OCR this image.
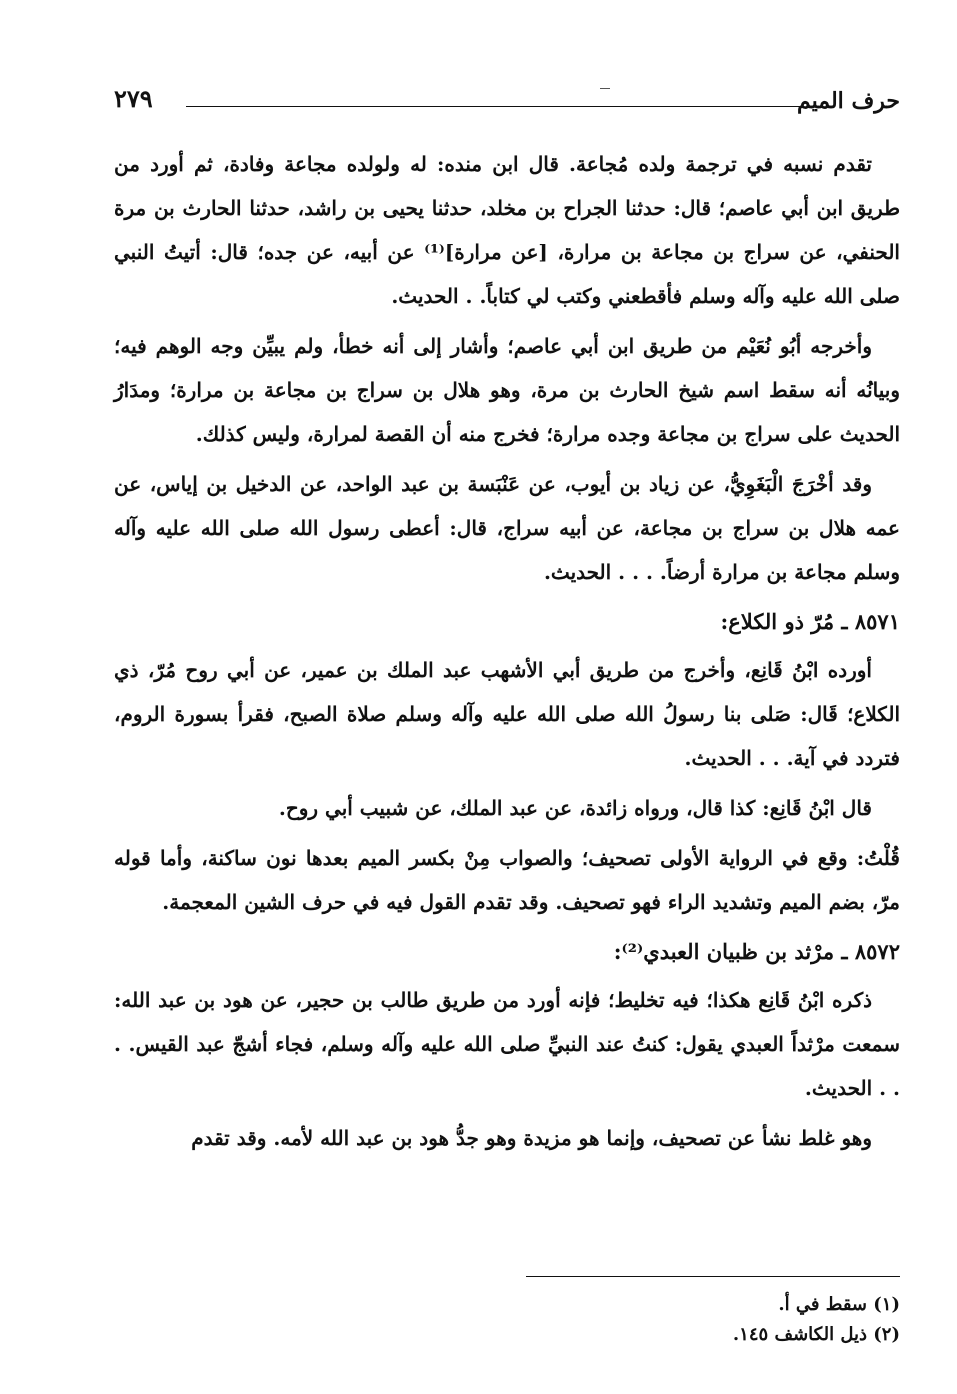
حرف الميم
٢٧٩

تقدم نسبه في ترجمة ولده مُجاعة. قال ابن منده: له ولولده مجاعة وفادة، ثم أورد من طريق ابن أبي عاصم؛ قال: حدثنا الجراح بن مخلد، حدثنا يحيى بن راشد، حدثنا الحارث بن مرة الحنفي، عن سراج بن مجاعة بن مرارة، [عن مرارة]⁽¹⁾ عن أبيه، عن جده؛ قال: أتيتُ النبي صلى الله عليه وآله وسلم فأقطعني وكتب لي كتاباً. . الحديث.

وأخرجه أبُو نُعَيْم من طريق ابن أبي عاصم؛ وأشار إلى أنه خطأ، ولم يبيِّن وجه الوهم فيه؛ وبيانُه أنه سقط اسم شيخ الحارث بن مرة، وهو هلال بن سراج بن مجاعة بن مرارة؛ ومدَارُ الحديث على سراج بن مجاعة وجده مرارة؛ فخرج منه أن القصة لمرارة، وليس كذلك.

وقد أخْرَجَ الْبَغَوِيُّ، عن زياد بن أيوب، عن عَنْبَسة بن عبد الواحد، عن الدخيل بن إياس، عن عمه هلال بن سراج بن مجاعة، عن أبيه سراج، قال: أعطى رسول الله صلى الله عليه وآله وسلم مجاعة بن مرارة أرضاً. . . . الحديث.

٨٥٧١ ـ مُرّ ذو الكلاع:

أورده ابْنُ قَانِع، وأخرج من طريق أبي الأشهب عبد الملك بن عمير، عن أبي روح مُرّ، ذي الكلاع؛ قَال: صَلى بنا رسولُ الله صلى الله عليه وآله وسلم صلاة الصبح، فقرأ بسورة الروم، فتردد في آية. . . الحديث.

قال ابْنُ قَانِع: كذا قال، ورواه زائدة، عن عبد الملك، عن شبيب أبي روح.

قُلْتُ: وقع في الرواية الأولى تصحيف؛ والصواب مِنْ بكسر الميم بعدها نون ساكنة، وأما قوله مرّ، بضم الميم وتشديد الراء فهو تصحيف. وقد تقدم القول فيه في حرف الشين المعجمة.

٨٥٧٢ ـ مرْثد بن ظبيان العبدي⁽²⁾:

ذكره ابْنُ قَانِع هكذا؛ فيه تخليط؛ فإنه أورد من طريق طالب بن حجير، عن هود بن عبد الله: سمعت مرْثداً العبدي يقول: كنتُ عند النبيِّ صلى الله عليه وآله وسلم، فجاء أشجّ عبد القيس. . . . الحديث.

وهو غلط نشأ عن تصحيف، وإنما هو مزيدة وهو جدُّ هود بن عبد الله لأمه. وقد تقدم

(١) سقط في أ.
(٢) ذيل الكاشف ١٤٥.
